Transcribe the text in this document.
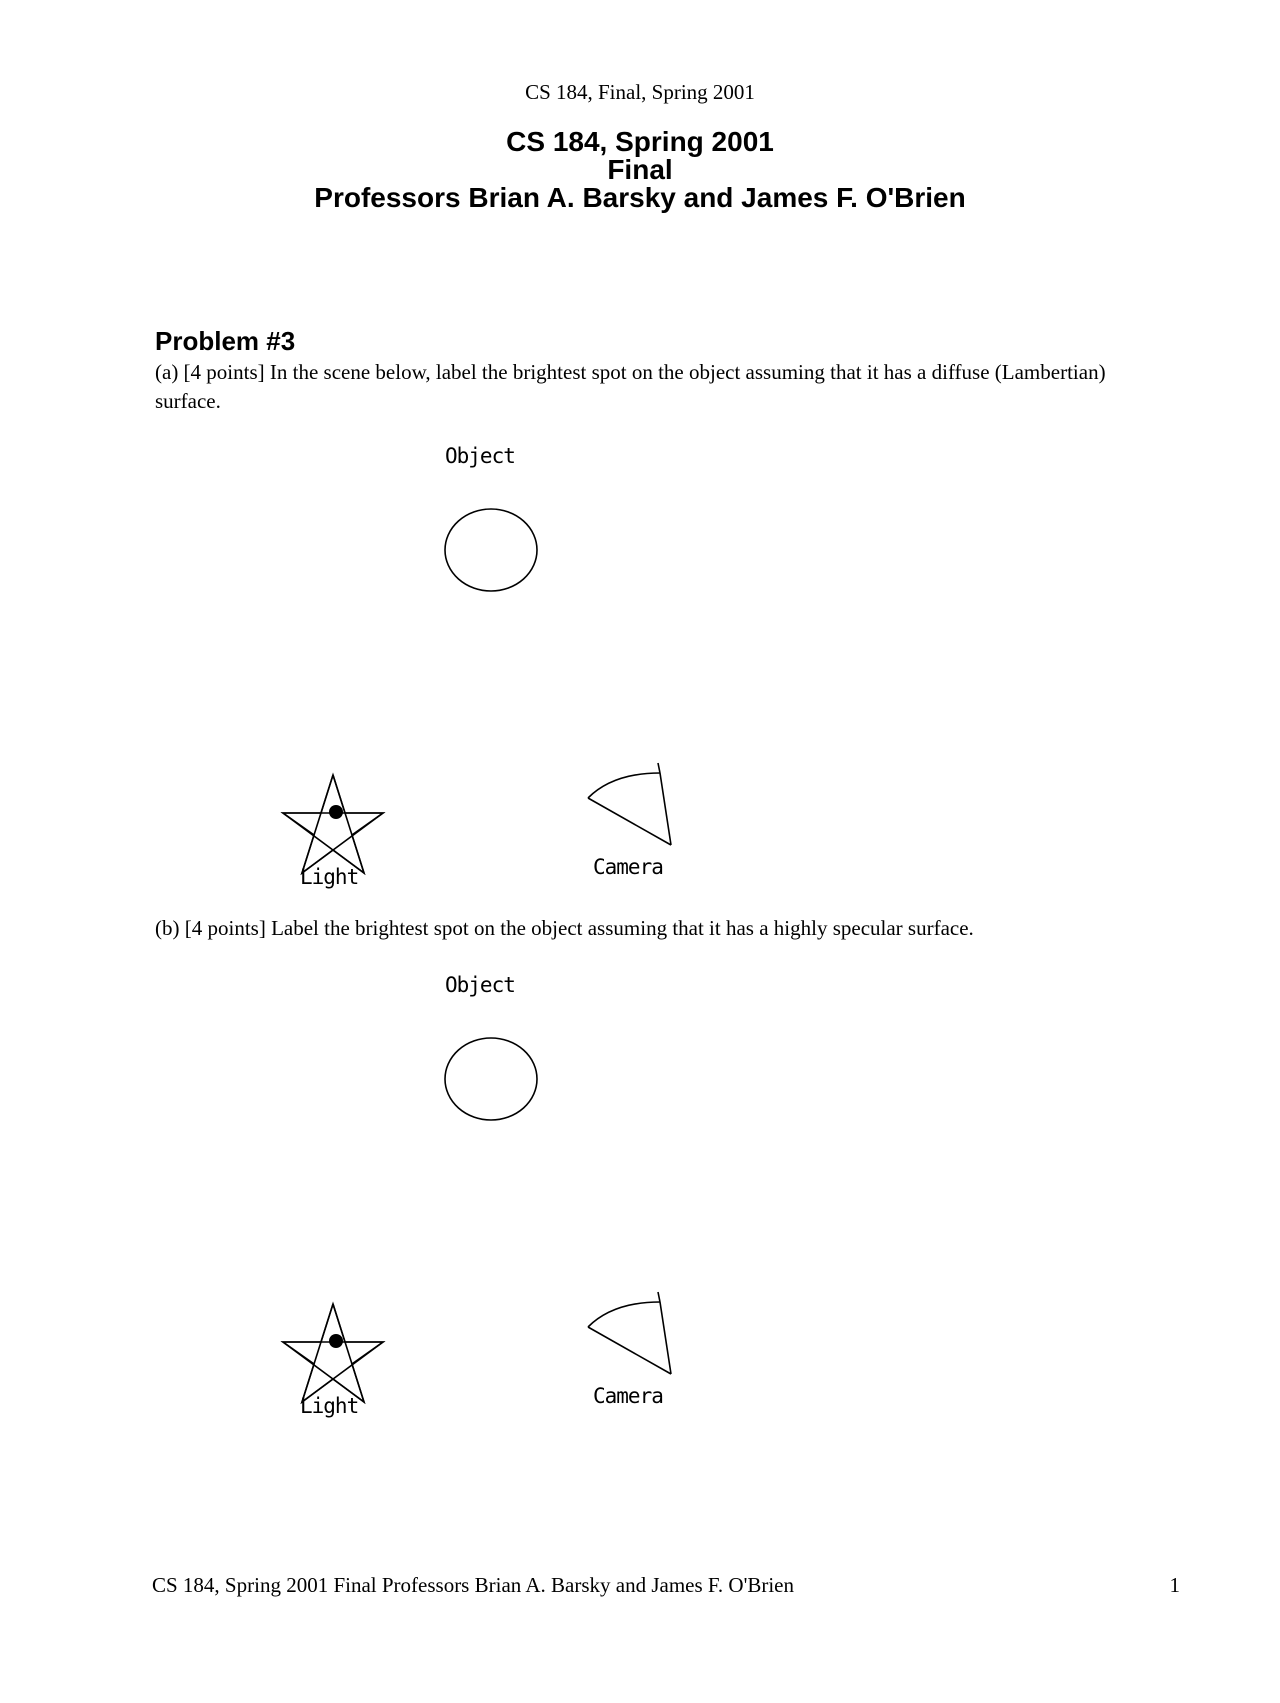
CS 184, Final, Spring 2001
CS 184, Spring 2001
Final
Professors Brian A. Barsky and James F. O'Brien
Problem #3
(a) [4 points] In the scene below, label the brightest spot on the object assuming that it has a diffuse (Lambertian) surface.
Object
Light	Camera
(b) [4 points] Label the brightest spot on the object assuming that it has a highly specular surface.
Object
Light	Camera
CS 184, Spring 2001 Final Professors Brian A. Barsky and James F. O'Brien	1
